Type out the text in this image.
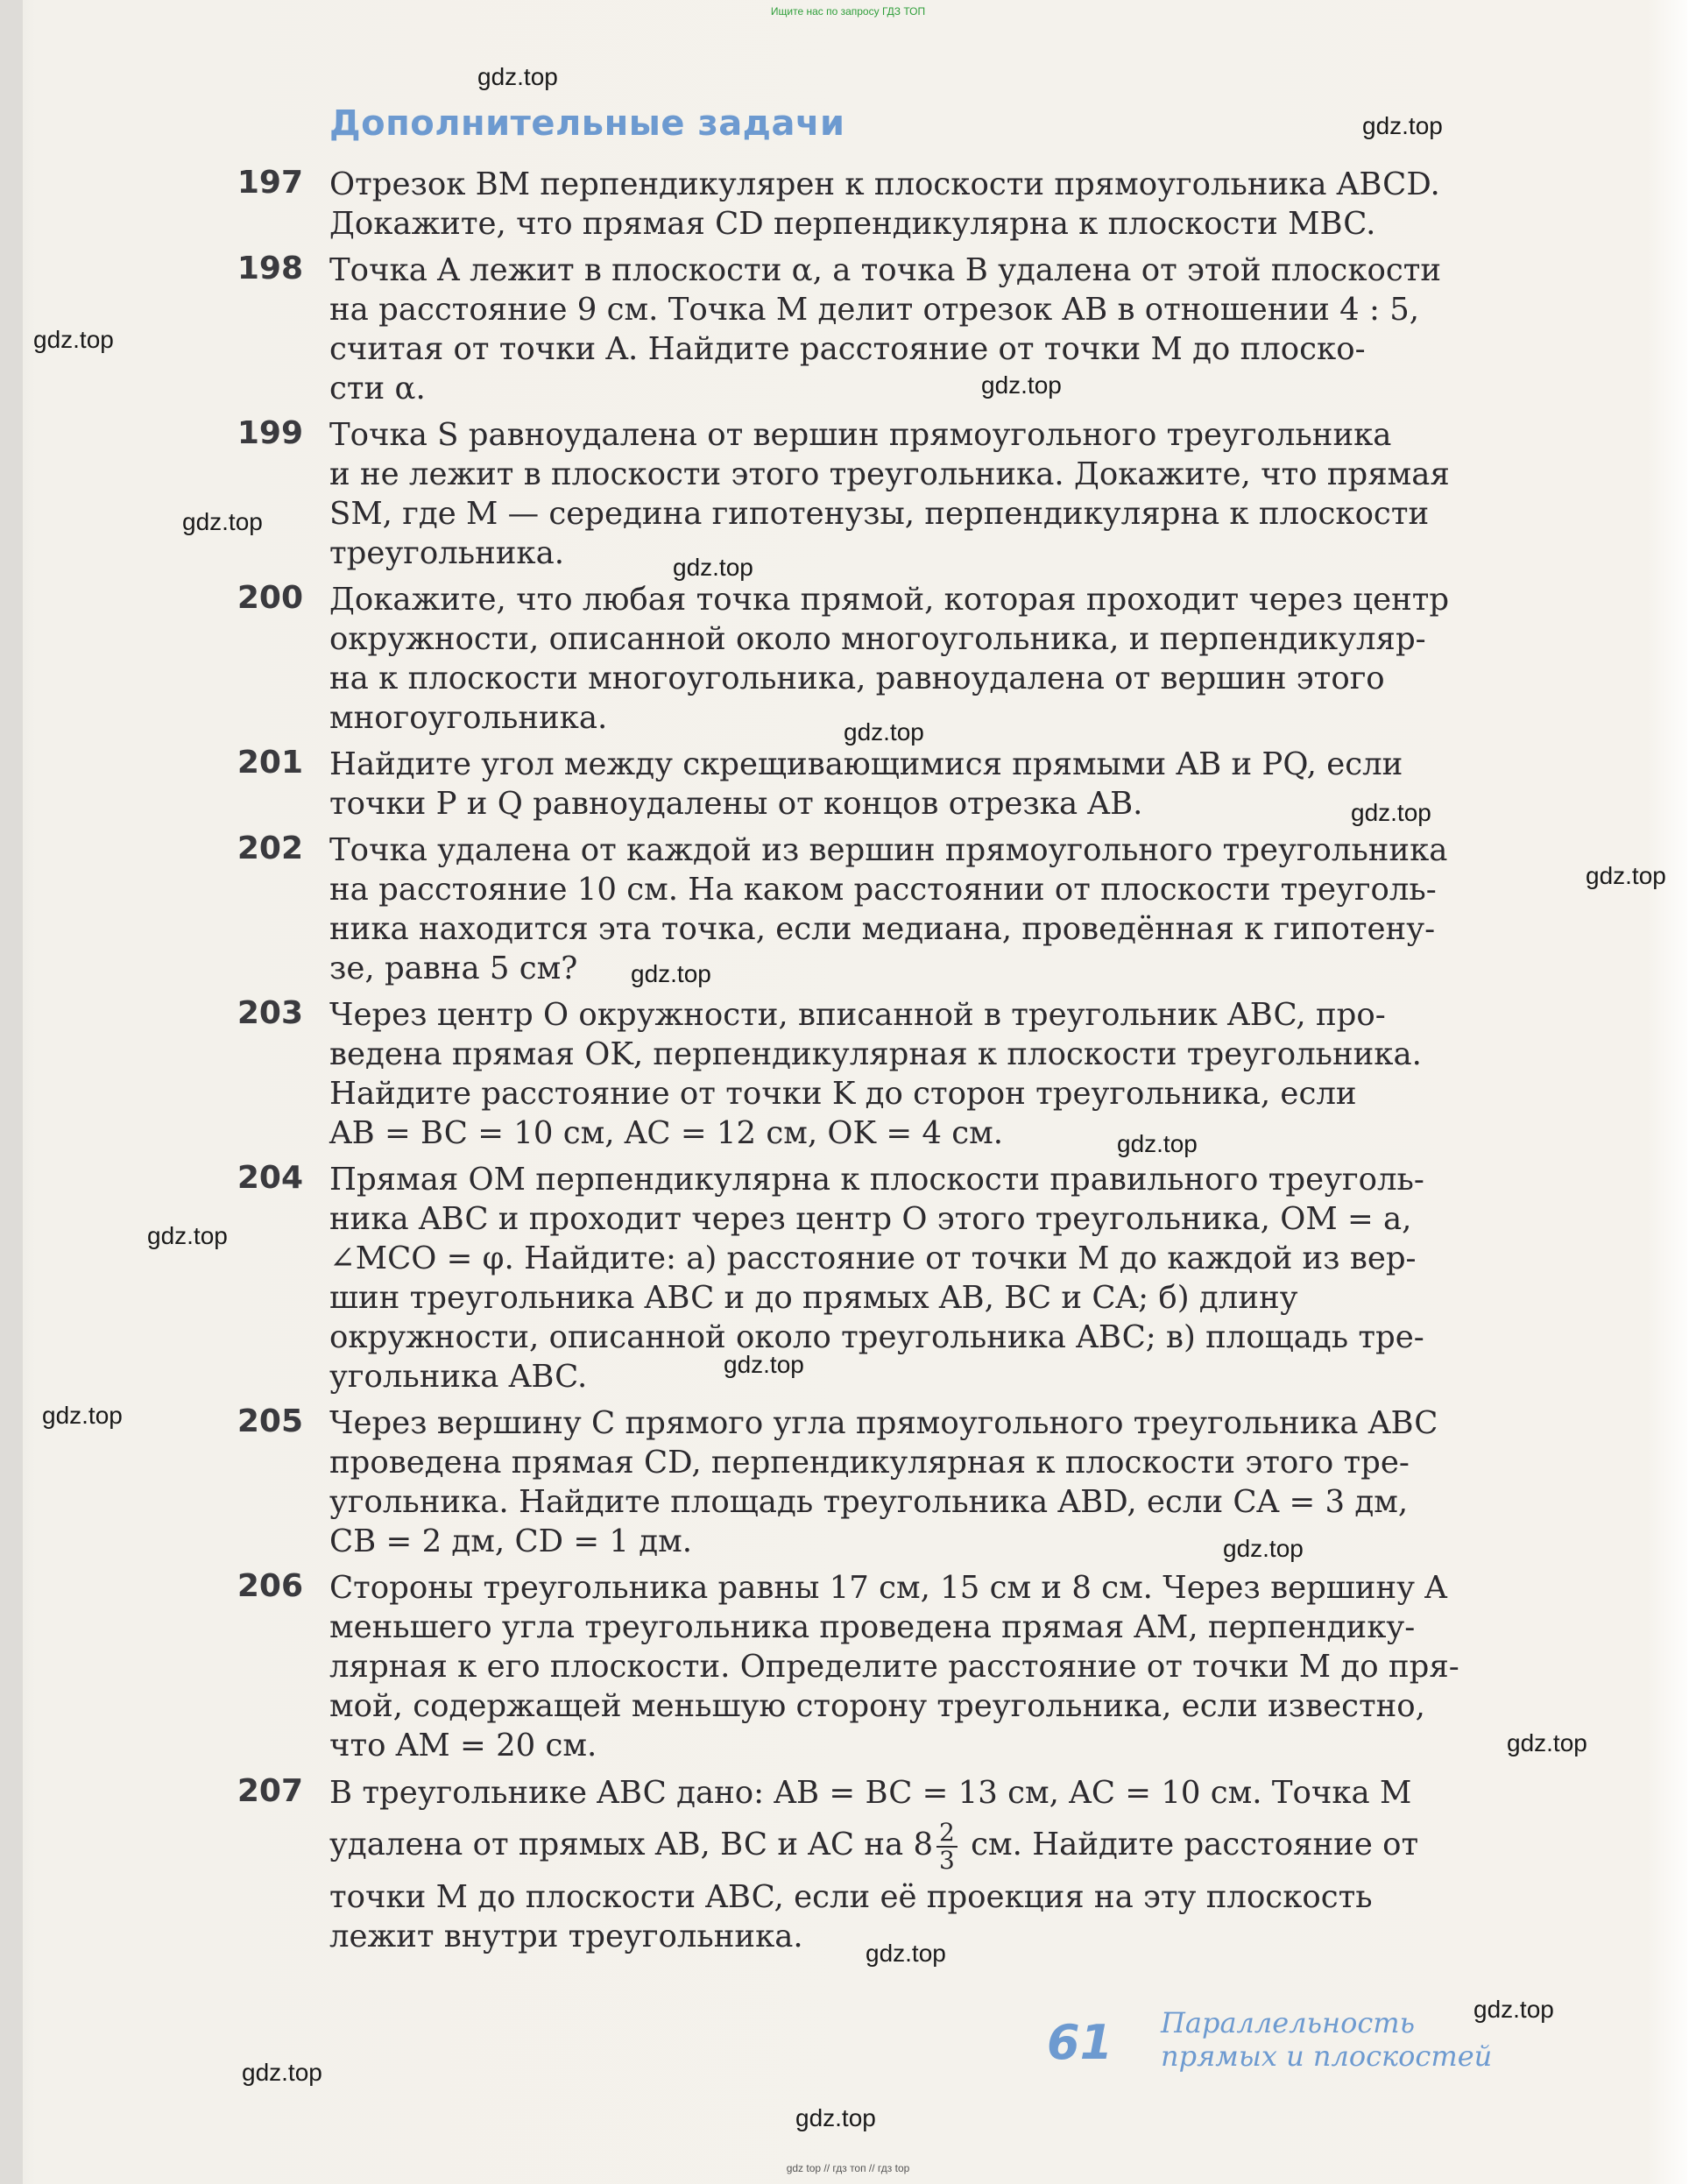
Ищите нас по запросу ГДЗ ТОП
Дополнительные задачи
197 Отрезок BM перпендикулярен к плоскости прямоугольника ABCD.
Докажите, что прямая CD перпендикулярна к плоскости MBC.
198 Точка A лежит в плоскости α, а точка B удалена от этой плоскости
на расстояние 9 см. Точка M делит отрезок AB в отношении 4 : 5,
считая от точки A. Найдите расстояние от точки M до плоско-
сти α.
199 Точка S равноудалена от вершин прямоугольного треугольника
и не лежит в плоскости этого треугольника. Докажите, что прямая
SM, где M — середина гипотенузы, перпендикулярна к плоскости
треугольника.
200 Докажите, что любая точка прямой, которая проходит через центр
окружности, описанной около многоугольника, и перпендикуляр-
на к плоскости многоугольника, равноудалена от вершин этого
многоугольника.
201 Найдите угол между скрещивающимися прямыми AB и PQ, если
точки P и Q равноудалены от концов отрезка AB.
202 Точка удалена от каждой из вершин прямоугольного треугольника
на расстояние 10 см. На каком расстоянии от плоскости треуголь-
ника находится эта точка, если медиана, проведённая к гипотену-
зе, равна 5 см?
203 Через центр O окружности, вписанной в треугольник ABC, про-
ведена прямая OK, перпендикулярная к плоскости треугольника.
Найдите расстояние от точки K до сторон треугольника, если
AB = BC = 10 см, AC = 12 см, OK = 4 см.
204 Прямая OM перпендикулярна к плоскости правильного треуголь-
ника ABC и проходит через центр O этого треугольника, OM = a,
∠MCO = φ. Найдите: а) расстояние от точки M до каждой из вер-
шин треугольника ABC и до прямых AB, BC и CA; б) длину
окружности, описанной около треугольника ABC; в) площадь тре-
угольника ABC.
205 Через вершину C прямого угла прямоугольного треугольника ABC
проведена прямая CD, перпендикулярная к плоскости этого тре-
угольника. Найдите площадь треугольника ABD, если CA = 3 дм,
CB = 2 дм, CD = 1 дм.
206 Стороны треугольника равны 17 см, 15 см и 8 см. Через вершину A
меньшего угла треугольника проведена прямая AM, перпендику-
лярная к его плоскости. Определите расстояние от точки M до пря-
мой, содержащей меньшую сторону треугольника, если известно,
что AM = 20 см.
207 В треугольнике ABC дано: AB = BC = 13 см, AC = 10 см. Точка M
удалена от прямых AB, BC и AC на $8 \frac{2}{3}$ см. Найдите расстояние от
точки M до плоскости ABC, если её проекция на эту плоскость
лежит внутри треугольника.
gdz.top
gdz.top
gdz.top
gdz.top
gdz.top
gdz.top
gdz.top
gdz.top
gdz.top
gdz.top
gdz.top
gdz.top
gdz.top
gdz.top
gdz.top
gdz.top
gdz.top
gdz.top
gdz.top
gdz.top
61 Параллельность
прямых и плоскостей
gdz top // гдз топ // гдз top
